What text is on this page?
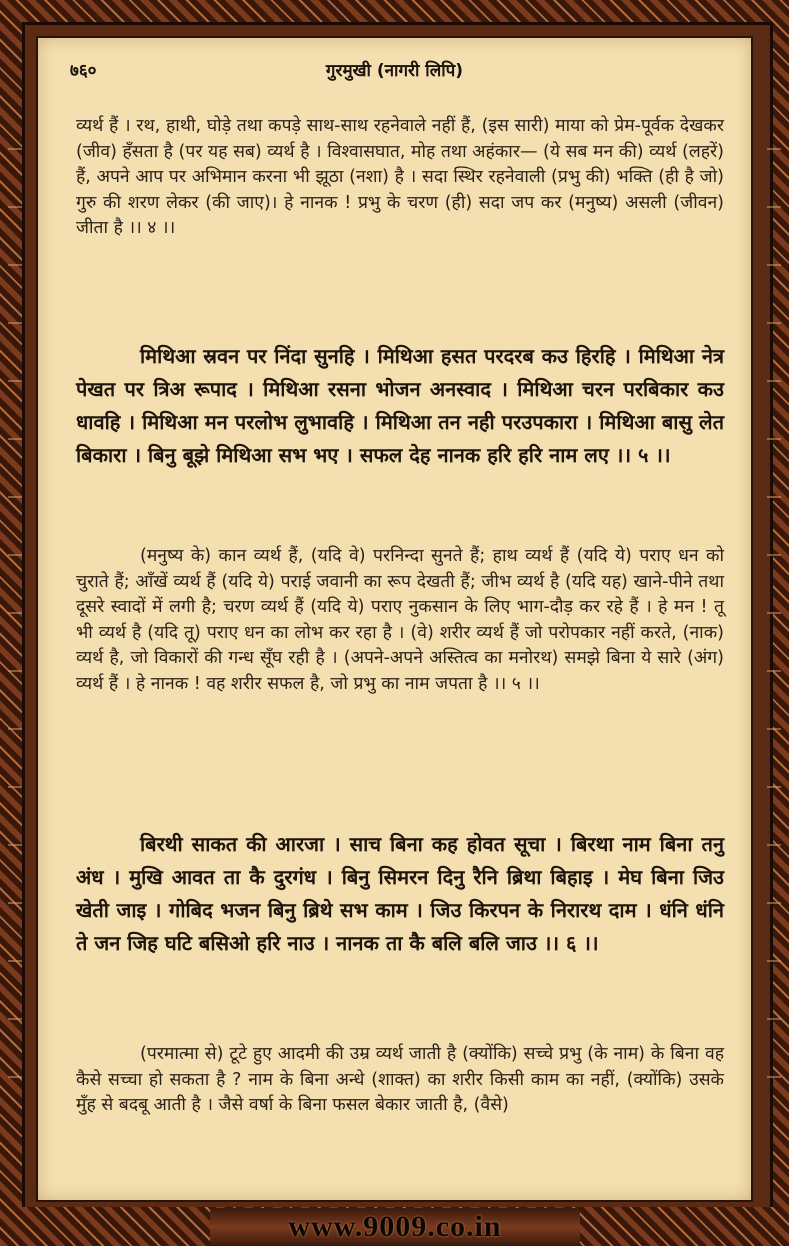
७६०	गुरमुखी (नागरी लिपि)
व्यर्थ हैं । रथ, हाथी, घोड़े तथा कपड़े साथ-साथ रहनेवाले नहीं हैं, (इस सारी) माया को प्रेम-पूर्वक देखकर (जीव) हँसता है (पर यह सब) व्यर्थ है । विश्वासघात, मोह तथा अहंकार— (ये सब मन की) व्यर्थ (लहरें) हैं, अपने आप पर अभिमान करना भी झूठा (नशा) है । सदा स्थिर रहनेवाली (प्रभु की) भक्ति (ही है जो) गुरु की शरण लेकर (की जाए)। हे नानक ! प्रभु के चरण (ही) सदा जप कर (मनुष्य) असली (जीवन) जीता है ।। ४ ।।
मिथिआ स्रवन पर निंदा सुनहि । मिथिआ हसत परदरब कउ हिरहि । मिथिआ नेत्र पेखत पर त्रिअ रूपाद । मिथिआ रसना भोजन अनस्वाद । मिथिआ चरन परबिकार कउ धावहि । मिथिआ मन परलोभ लुभावहि । मिथिआ तन नही परउपकारा । मिथिआ बासु लेत बिकारा । बिनु बूझे मिथिआ सभ भए । सफल देह नानक हरि हरि नाम लए ।। ५ ।।
(मनुष्य के) कान व्यर्थ हैं, (यदि वे) परनिन्दा सुनते हैं; हाथ व्यर्थ हैं (यदि ये) पराए धन को चुराते हैं; आँखें व्यर्थ हैं (यदि ये) पराई जवानी का रूप देखती हैं; जीभ व्यर्थ है (यदि यह) खाने-पीने तथा दूसरे स्वादों में लगी है; चरण व्यर्थ हैं (यदि ये) पराए नुकसान के लिए भाग-दौड़ कर रहे हैं । हे मन ! तू भी व्यर्थ है (यदि तू) पराए धन का लोभ कर रहा है । (वे) शरीर व्यर्थ हैं जो परोपकार नहीं करते, (नाक) व्यर्थ है, जो विकारों की गन्ध सूँघ रही है । (अपने-अपने अस्तित्व का मनोरथ) समझे बिना ये सारे (अंग) व्यर्थ हैं । हे नानक ! वह शरीर सफल है, जो प्रभु का नाम जपता है ।। ५ ।।
बिरथी साकत की आरजा । साच बिना कह होवत सूचा । बिरथा नाम बिना तनु अंध । मुखि आवत ता कै दुरगंध । बिनु सिमरन दिनु रैनि ब्रिथा बिहाइ । मेघ बिना जिउ खेती जाइ । गोबिद भजन बिनु ब्रिथे सभ काम । जिउ किरपन के निरारथ दाम । धंनि धंनि ते जन जिह घटि बसिओ हरि नाउ । नानक ता कै बलि बलि जाउ ।। ६ ।।
(परमात्मा से) टूटे हुए आदमी की उम्र व्यर्थ जाती है (क्योंकि) सच्चे प्रभु (के नाम) के बिना वह कैसे सच्चा हो सकता है ? नाम के बिना अन्धे (शाक्त) का शरीर किसी काम का नहीं, (क्योंकि) उसके मुँह से बदबू आती है । जैसे वर्षा के बिना फसल बेकार जाती है, (वैसे)
www.9009.co.in
